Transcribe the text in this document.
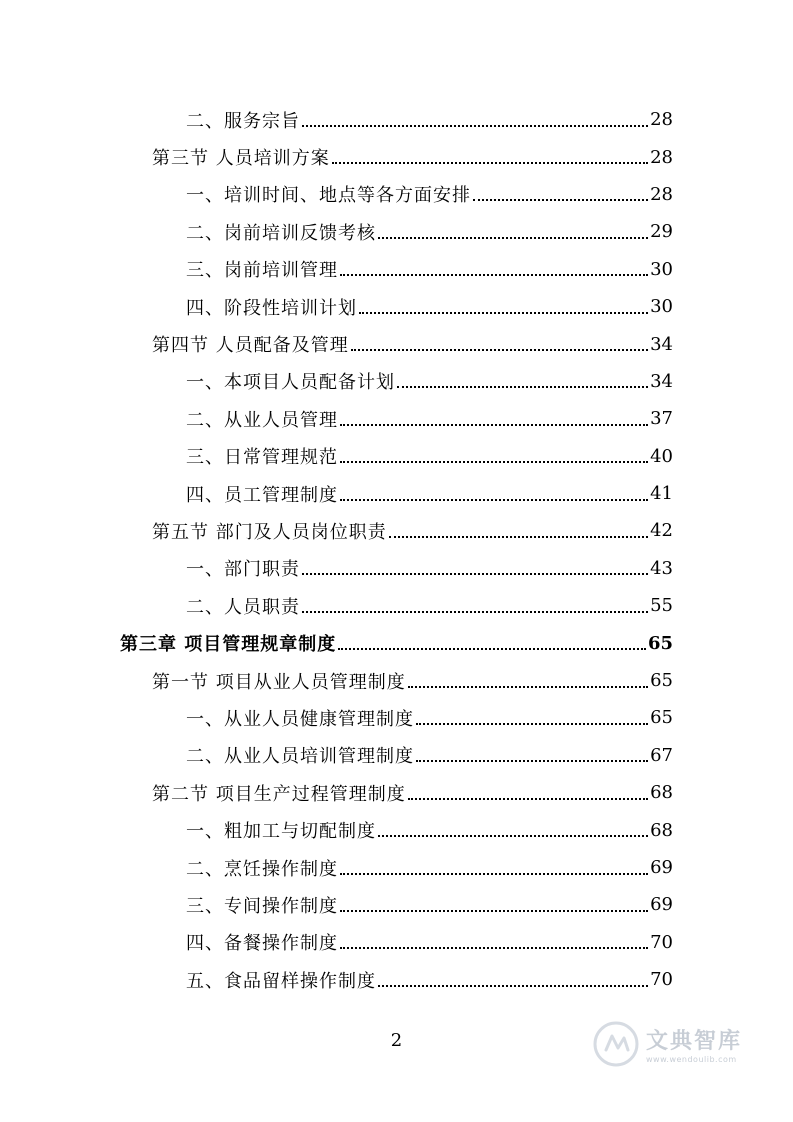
二、服务宗旨	28
第三节 人员培训方案	28
一、培训时间、地点等各方面安排	28
二、岗前培训反馈考核	29
三、岗前培训管理	30
四、阶段性培训计划	30
第四节 人员配备及管理	34
一、本项目人员配备计划	34
二、从业人员管理	37
三、日常管理规范	40
四、员工管理制度	41
第五节 部门及人员岗位职责	42
一、部门职责	43
二、人员职责	55
第三章 项目管理规章制度	65
第一节 项目从业人员管理制度	65
一、从业人员健康管理制度	65
二、从业人员培训管理制度	67
第二节 项目生产过程管理制度	68
一、粗加工与切配制度	68
二、烹饪操作制度	69
三、专间操作制度	69
四、备餐操作制度	70
五、食品留样操作制度	70
2	文典智库
www.wendoulib.com
